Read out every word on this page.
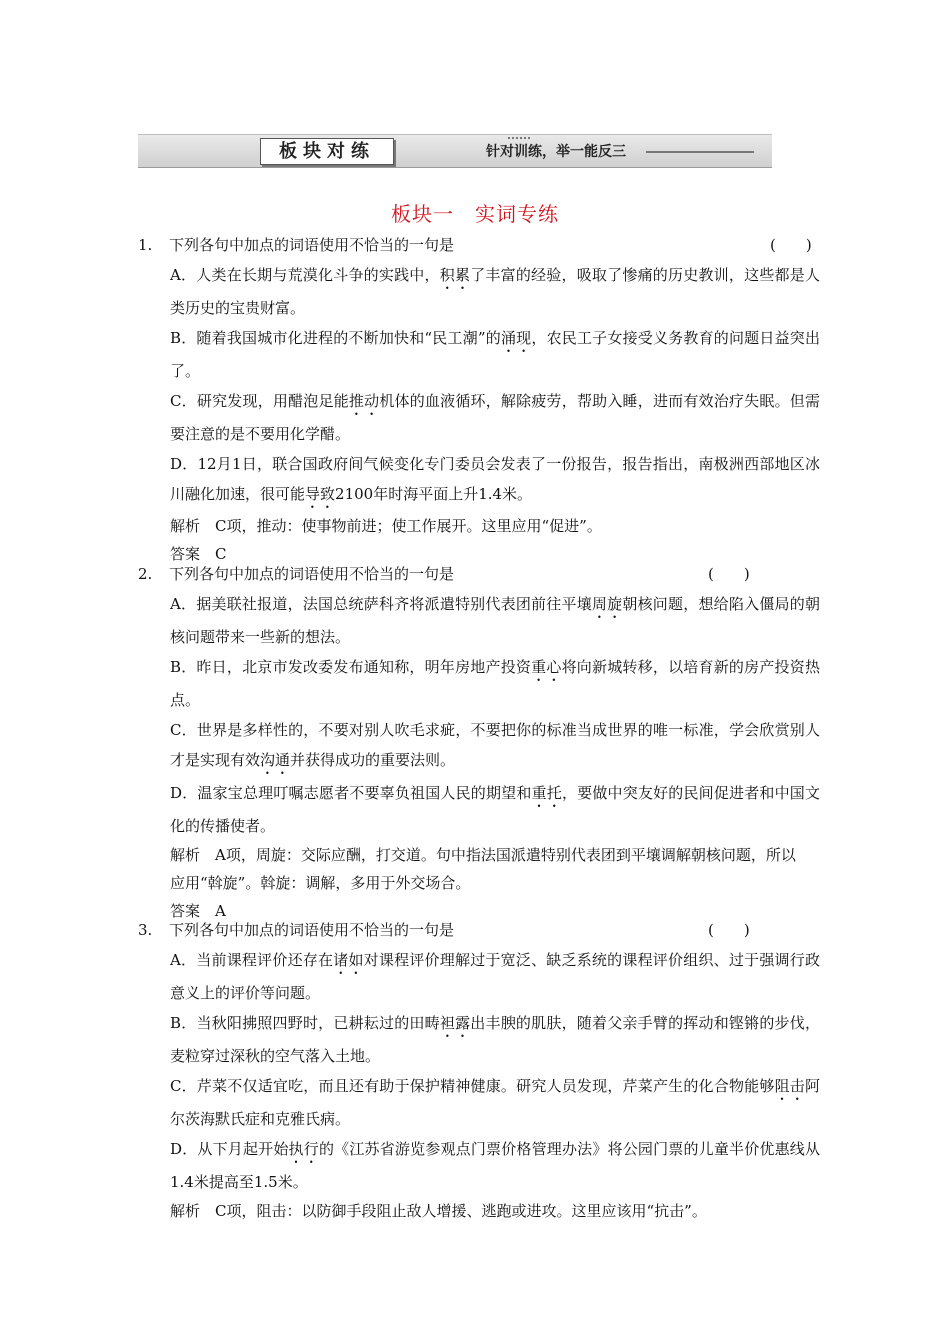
板块对练	针对训练，举一能反三
板块一　实词专练
1. 下列各句中加点的词语使用不恰当的一句是	(　　)
A．人类在长期与荒漠化斗争的实践中，积累了丰富的经验，吸取了惨痛的历史教训，这些都是人类历史的宝贵财富。
B．随着我国城市化进程的不断加快和“民工潮”的涌现，农民工子女接受义务教育的问题日益突出了。
C．研究发现，用醋泡足能推动机体的血液循环，解除疲劳，帮助入睡，进而有效治疗失眠。但需要注意的是不要用化学醋。
D．12月1日，联合国政府间气候变化专门委员会发表了一份报告，报告指出，南极洲西部地区冰川融化加速，很可能导致2100年时海平面上升1.4米。
解析　C项，推动：使事物前进；使工作展开。这里应用“促进”。
答案　C
2. 下列各句中加点的词语使用不恰当的一句是	(　　)
A．据美联社报道，法国总统萨科齐将派遣特别代表团前往平壤周旋朝核问题，想给陷入僵局的朝核问题带来一些新的想法。
B．昨日，北京市发改委发布通知称，明年房地产投资重心将向新城转移，以培育新的房产投资热点。
C．世界是多样性的，不要对别人吹毛求疵，不要把你的标准当成世界的唯一标准，学会欣赏别人才是实现有效沟通并获得成功的重要法则。
D．温家宝总理叮嘱志愿者不要辜负祖国人民的期望和重托，要做中突友好的民间促进者和中国文化的传播使者。
解析　A项，周旋：交际应酬，打交道。句中指法国派遣特别代表团到平壤调解朝核问题，所以应用“斡旋”。斡旋：调解，多用于外交场合。
答案　A
3. 下列各句中加点的词语使用不恰当的一句是	(　　)
A．当前课程评价还存在诸如对课程评价理解过于宽泛、缺乏系统的课程评价组织、过于强调行政意义上的评价等问题。
B．当秋阳拂照四野时，已耕耘过的田畴袒露出丰腴的肌肤，随着父亲手臂的挥动和铿锵的步伐，麦粒穿过深秋的空气落入土地。
C．芹菜不仅适宜吃，而且还有助于保护精神健康。研究人员发现，芹菜产生的化合物能够阻击阿尔茨海默氏症和克雅氏病。
D．从下月起开始执行的《江苏省游览参观点门票价格管理办法》将公园门票的儿童半价优惠线从1.4米提高至1.5米。
解析　C项，阻击：以防御手段阻止敌人增援、逃跑或进攻。这里应该用“抗击”。
